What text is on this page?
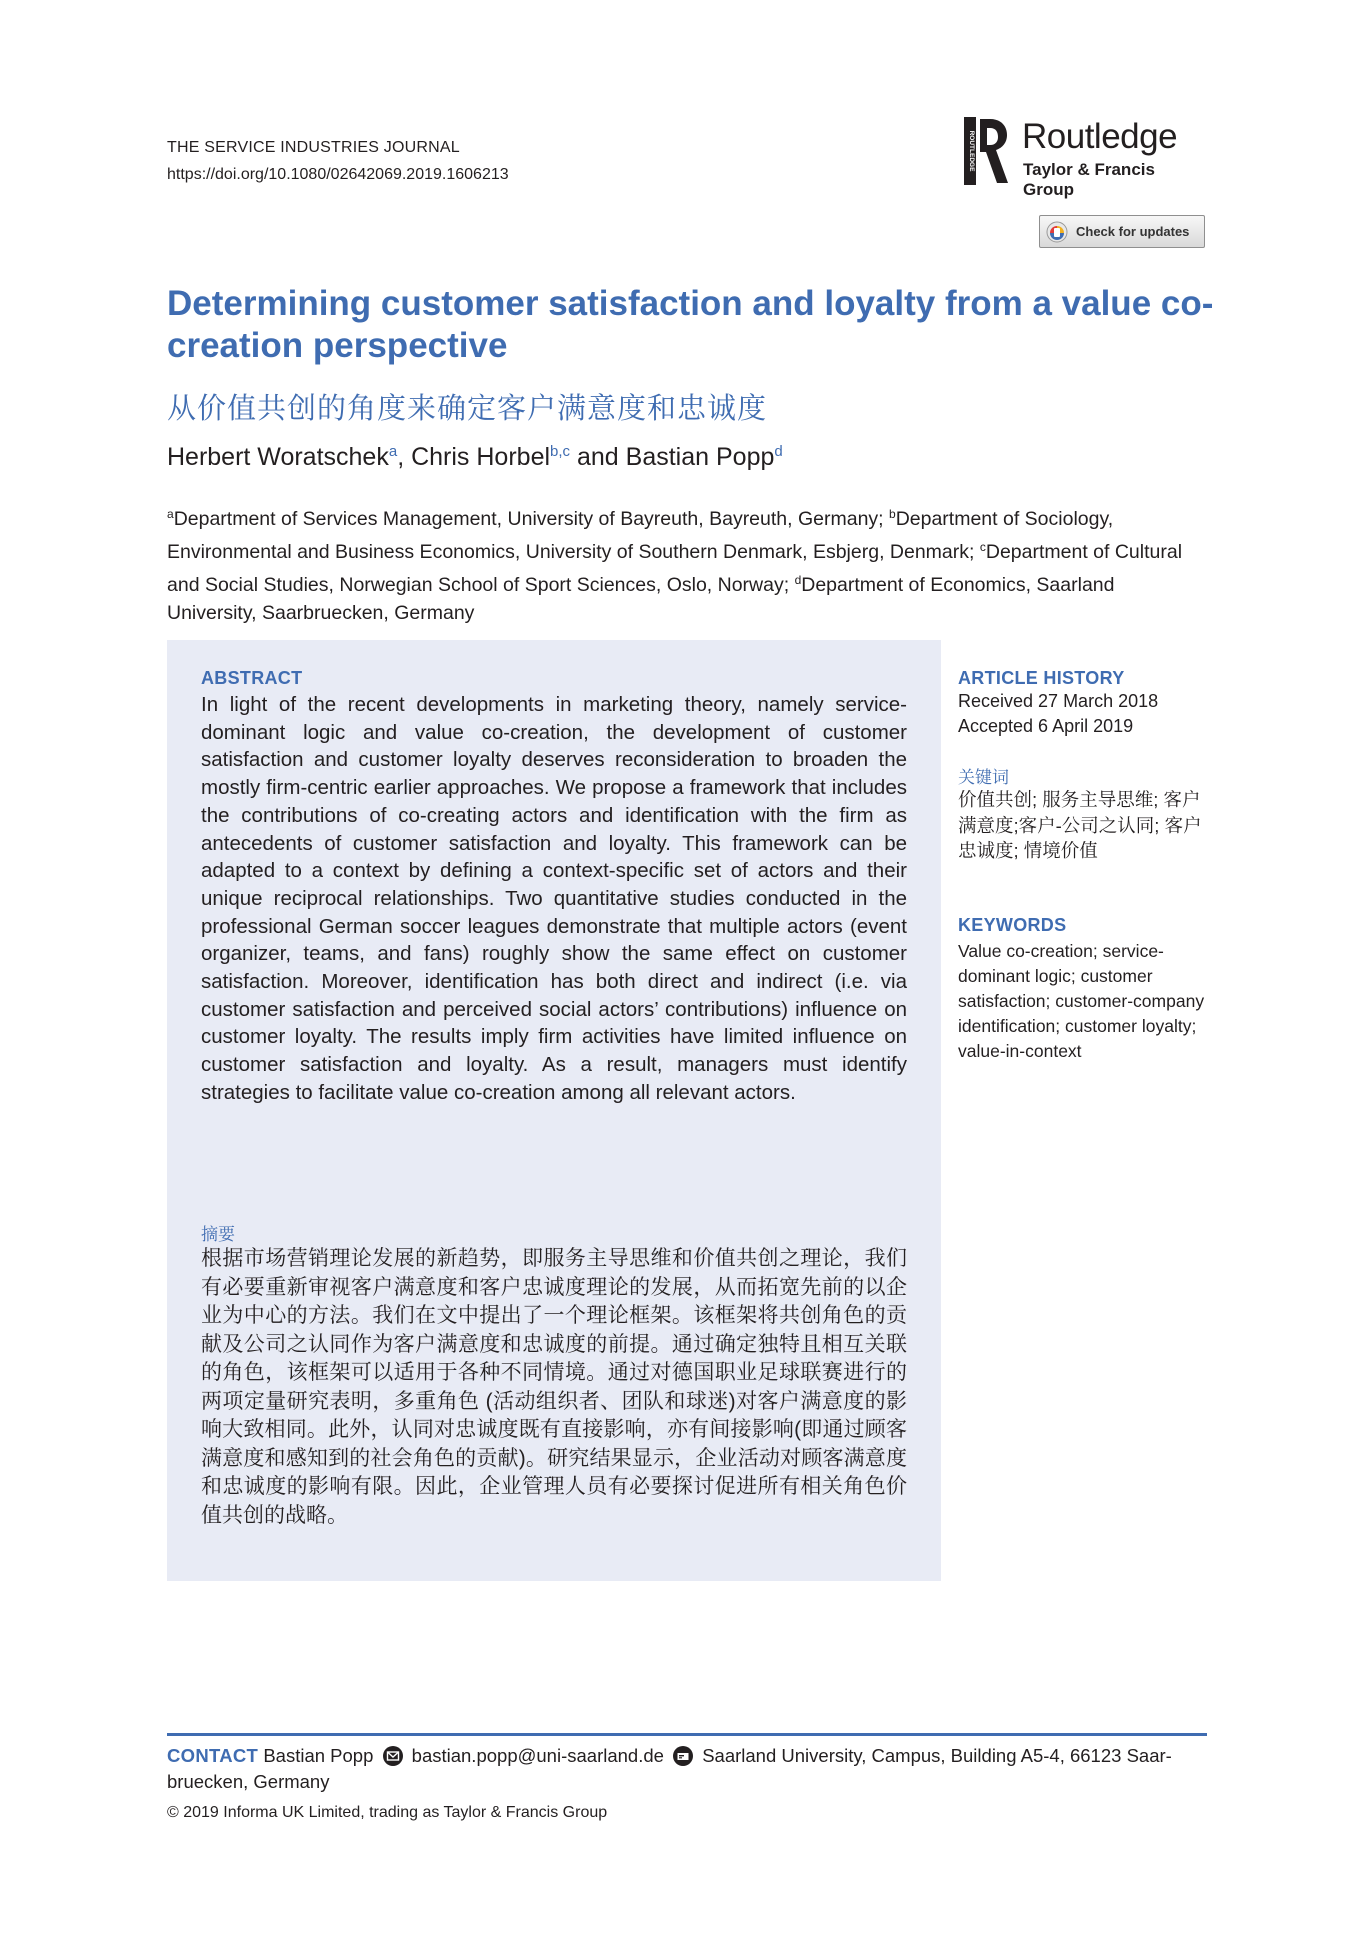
THE SERVICE INDUSTRIES JOURNAL
https://doi.org/10.1080/02642069.2019.1606213
ROUTLEDGE Routledge
Taylor & Francis Group
Check for updates
Determining customer satisfaction and loyalty from a value co-creation perspective
从价值共创的角度来确定客户满意度和忠诚度
Herbert Woratschek$^a$, Chris Horbel$^{b,c}$ and Bastian Popp$^d$
$^a$Department of Services Management, University of Bayreuth, Bayreuth, Germany; $^b$Department of Sociology, Environmental and Business Economics, University of Southern Denmark, Esbjerg, Denmark; $^c$Department of Cultural and Social Studies, Norwegian School of Sport Sciences, Oslo, Norway; $^d$Department of Economics, Saarland University, Saarbruecken, Germany
ABSTRACT
In light of the recent developments in marketing theory, namely service-dominant logic and value co-creation, the development of customer satisfaction and customer loyalty deserves reconsideration to broaden the mostly firm-centric earlier approaches. We propose a framework that includes the contributions of co-creating actors and identification with the firm as antecedents of customer satisfaction and loyalty. This framework can be adapted to a context by defining a context-specific set of actors and their unique reciprocal relationships. Two quantitative studies conducted in the professional German soccer leagues demonstrate that multiple actors (event organizer, teams, and fans) roughly show the same effect on customer satisfaction. Moreover, identification has both direct and indirect (i.e. via customer satisfaction and perceived social actors’ contributions) influence on customer loyalty. The results imply firm activities have limited influence on customer satisfaction and loyalty. As a result, managers must identify strategies to facilitate value co-creation among all relevant actors.
摘要
根据市场营销理论发展的新趋势，即服务主导思维和价值共创之理论，我们有必要重新审视客户满意度和客户忠诚度理论的发展，从而拓宽先前的以企业为中心的方法。我们在文中提出了一个理论框架。该框架将共创角色的贡献及公司之认同作为客户满意度和忠诚度的前提。通过确定独特且相互关联的角色，该框架可以适用于各种不同情境。通过对德国职业足球联赛进行的两项定量研究表明，多重角色 (活动组织者、团队和球迷)对客户满意度的影响大致相同。此外，认同对忠诚度既有直接影响，亦有间接影响(即通过顾客满意度和感知到的社会角色的贡献)。研究结果显示，企业活动对顾客满意度和忠诚度的影响有限。因此，企业管理人员有必要探讨促进所有相关角色价值共创的战略。
ARTICLE HISTORY
Received 27 March 2018
Accepted 6 April 2019
关键词
价值共创; 服务主导思维; 客户满意度;客户-公司之认同; 客户忠诚度; 情境价值
KEYWORDS
Value co-creation; service-dominant logic; customer satisfaction; customer-company identification; customer loyalty; value-in-context
CONTACT Bastian Popp bastian.popp@uni-saarland.de Saarland University, Campus, Building A5-4, 66123 Saar-bruecken, Germany
© 2019 Informa UK Limited, trading as Taylor & Francis Group
